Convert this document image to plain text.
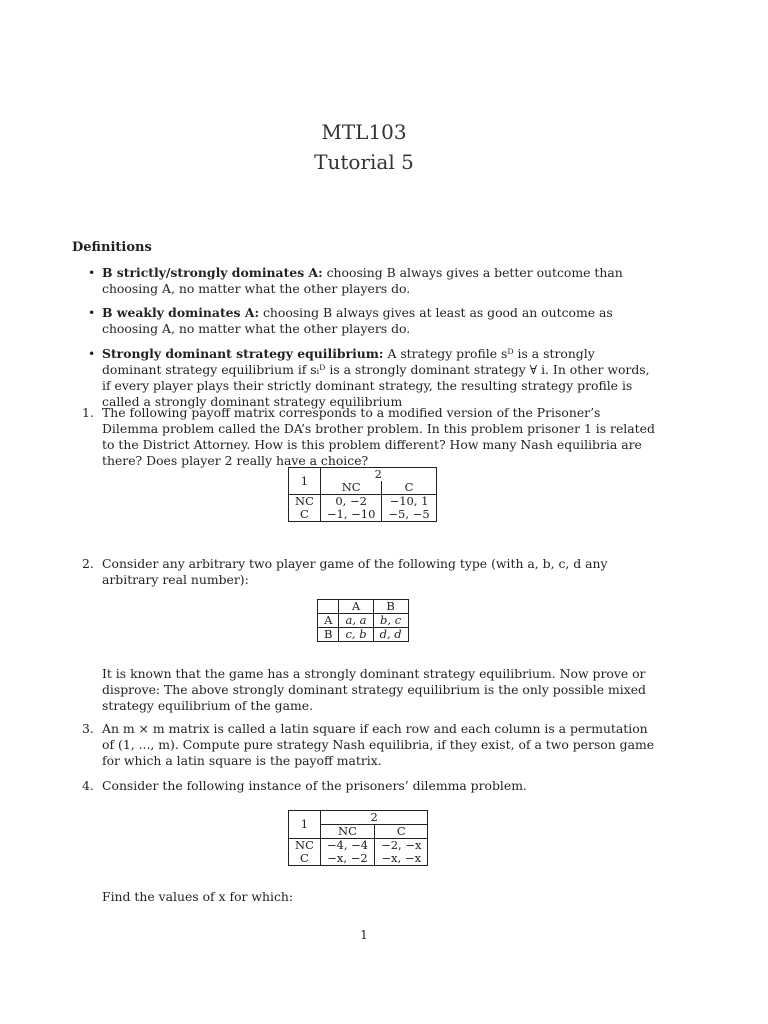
MTL103
Tutorial 5
Definitions
• B strictly/strongly dominates A: choosing B always gives a better outcome than choosing A, no matter what the other players do.
• B weakly dominates A: choosing B always gives at least as good an outcome as choosing A, no matter what the other players do.
• Strongly dominant strategy equilibrium: A strategy profile sᴰ is a strongly dominant strategy equilibrium if sᵢᴰ is a strongly dominant strategy ∀ i. In other words, if every player plays their strictly dominant strategy, the resulting strategy profile is called a strongly dominant strategy equilibrium
1. The following payoff matrix corresponds to a modified version of the Prisoner’s Dilemma problem called the DA’s brother problem. In this problem prisoner 1 is related to the District Attorney. How is this problem different? How many Nash equilibria are there? Does player 2 really have a choice?
1	2	
	NC	C
NC	0, −2	−10, 1
C	−1, −10	−5, −5
2. Consider any arbitrary two player game of the following type (with a, b, c, d any arbitrary real number):
	A	B
A	a, a	b, c
B	c, b	d, d
It is known that the game has a strongly dominant strategy equilibrium. Now prove or disprove: The above strongly dominant strategy equilibrium is the only possible mixed strategy equilibrium of the game.
3. An m × m matrix is called a latin square if each row and each column is a permutation of (1, ..., m). Compute pure strategy Nash equilibria, if they exist, of a two person game for which a latin square is the payoff matrix.
4. Consider the following instance of the prisoners’ dilemma problem.
1	2	
	NC	C
NC	−4, −4	−2, −x
C	−x, −2	−x, −x
Find the values of x for which:
1
